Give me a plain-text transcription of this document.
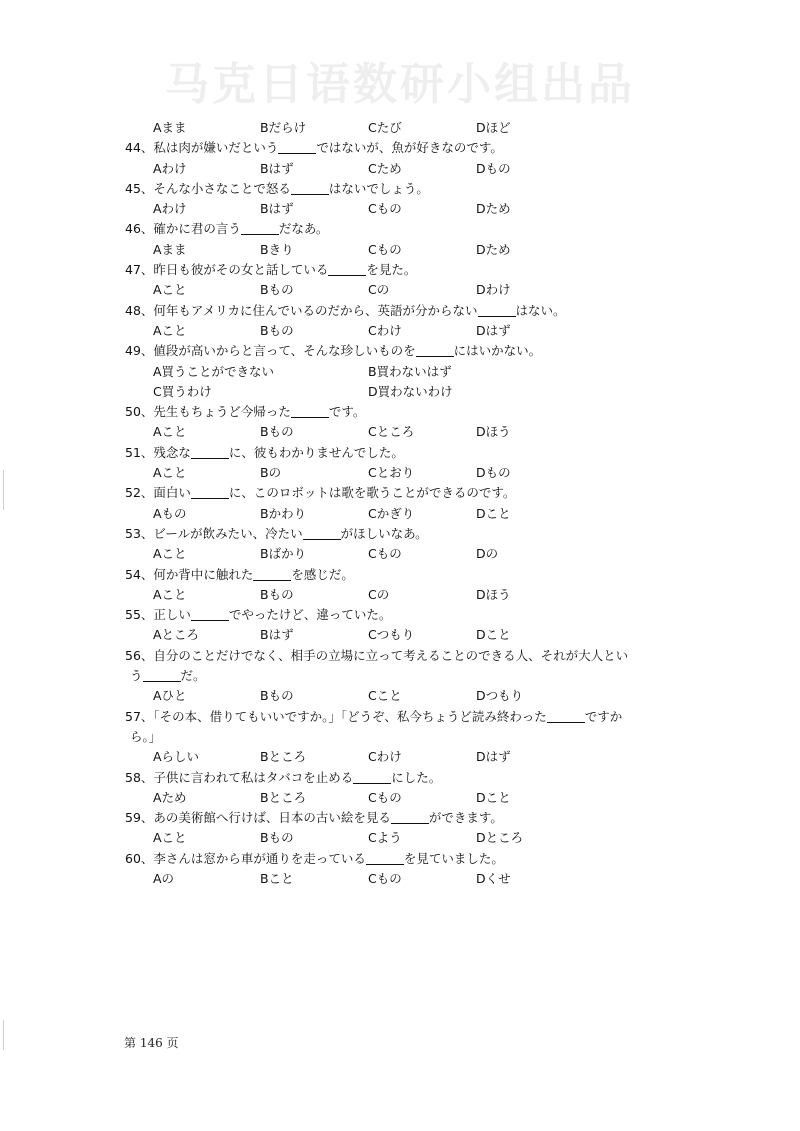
马克日语数研小组出品
Aまま	Bだらけ	Cたび	Dほど
44、私は肉が嫌いだという	ではないが、魚が好きなのです。
Aわけ	Bはず	Cため	Dもの
45、そんな小さなことで怒る	はないでしょう。
Aわけ	Bはず	Cもの	Dため
46、確かに君の言う	だなあ。
Aまま	Bきり	Cもの	Dため
47、昨日も彼がその女と話している	を見た。
Aこと	Bもの	Cの	Dわけ
48、何年もアメリカに住んでいるのだから、英語が分からない	はない。
Aこと	Bもの	Cわけ	Dはず
49、値段が高いからと言って、そんな珍しいものを	にはいかない。
A買うことができない	B買わないはず
C買うわけ	D買わないわけ
50、先生もちょうど今帰った	です。
Aこと	Bもの	Cところ	Dほう
51、残念な	に、彼もわかりませんでした。
Aこと	Bの	Cとおり	Dもの
52、面白い	に、このロボットは歌を歌うことができるのです。
Aもの	Bかわり	Cかぎり	Dこと
53、ビールが飲みたい、冷たい	がほしいなあ。
Aこと	Bばかり	Cもの	Dの
54、何か背中に触れた	を感じだ。
Aこと	Bもの	Cの	Dほう
55、正しい	でやったけど、違っていた。
Aところ	Bはず	Cつもり	Dこと
56、自分のことだけでなく、相手の立場に立って考えることのできる人、それが大人とい
う	だ。
Aひと	Bもの	Cこと	Dつもり
57、「その本、借りてもいいですか。」「どうぞ、私今ちょうど読み終わった	ですか
ら。」
Aらしい	Bところ	Cわけ	Dはず
58、子供に言われて私はタバコを止める	にした。
Aため	Bところ	Cもの	Dこと
59、あの美術館へ行けば、日本の古い絵を見る	ができます。
Aこと	Bもの	Cよう	Dところ
60、李さんは窓から車が通りを走っている	を見ていました。
Aの	Bこと	Cもの	Dくせ
第 146 页
